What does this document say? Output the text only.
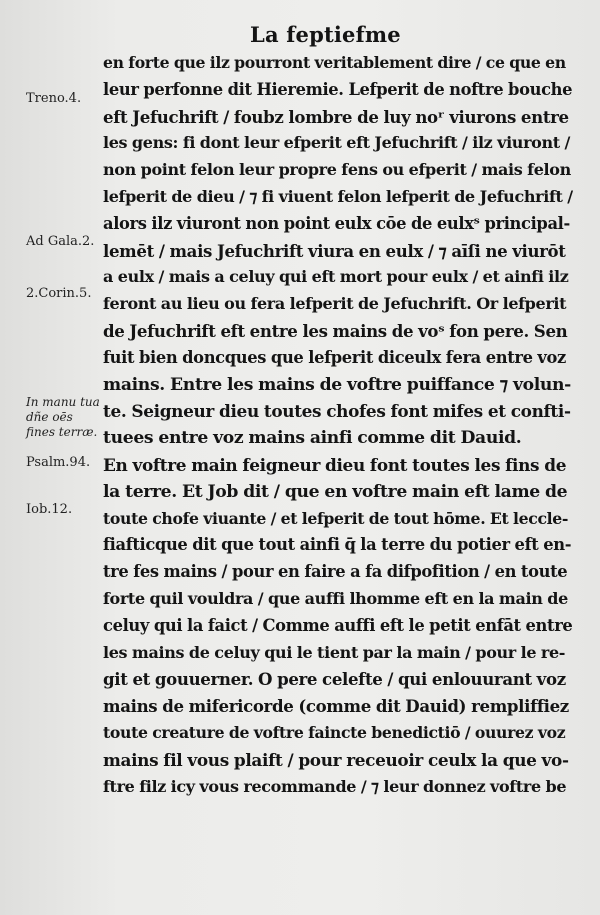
La feptiefme
Treno.4.
Ad Gala.2.
2.Corin.5.
In manu tua dñe oēs fines terræ.
Psalm.94.
Iob.12.
en forte que ilz pourront veritablement dire / ce que en
leur perfonne dit Hieremie. Lefperit de noftre bouche
eft Jefuchrift / foubz lombre de luy noʳ viurons entre
les gens: fi dont leur efperit eft Jefuchrift / ilz viuront /
non point felon leur propre fens ou efperit / mais felon
lefperit de dieu / ⁊ fi viuent felon lefperit de Jefuchrift /
alors ilz viuront non point eulx cōe de eulxˢ principal-
lemēt / mais Jefuchrift viura en eulx / ⁊ aīſi ne viurōt
a eulx / mais a celuy qui eft mort pour eulx / et ainfi ilz
feront au lieu ou fera lefperit de Jefuchrift. Or lefperit
de Jefuchrift eft entre les mains de voˢ fon pere. Sen
fuit bien doncques que lefperit diceulx fera entre voz
mains. Entre les mains de voftre puiffance ⁊ volun-
te. Seigneur dieu toutes chofes font mifes et confti-
tuees entre voz mains ainfi comme dit Dauid.
En voftre main feigneur dieu font toutes les fins de
la terre. Et Job dit / que en voftre main eft lame de
toute chofe viuante / et lefperit de tout hōme. Et leccle-
fiafticque dit que tout ainfi q̄ la terre du potier eft en-
tre fes mains / pour en faire a fa difpofition / en toute
forte quil vouldra / que auffi lhomme eft en la main de
celuy qui la faict / Comme auffi eft le petit enfāt entre
les mains de celuy qui le tient par la main / pour le re-
git et gouuerner. O pere celefte / qui enlouurant voz
mains de mifericorde (comme dit Dauid) rempliffiez
toute creature de voftre faincte benedictiō / ouurez voz
mains fil vous plaift / pour receuoir ceulx la que vo-
ftre filz icy vous recommande / ⁊ leur donnez voftre be
